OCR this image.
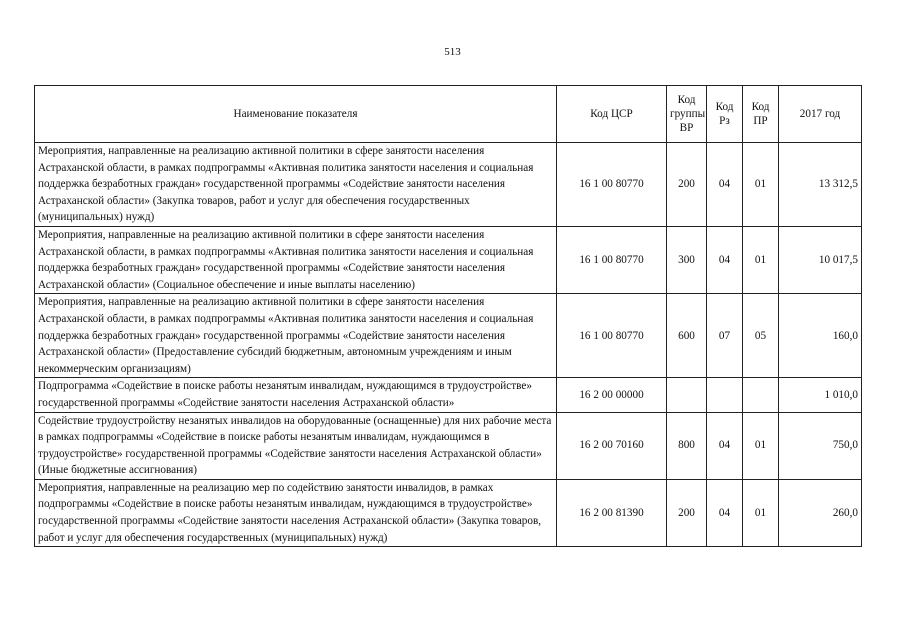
513
Наименование показателя	Код ЦСР	Код группы ВР	Код Рз	Код ПР	2017 год
Мероприятия, направленные на реализацию активной политики в сфере занятости населения Астраханской области, в рамках подпрограммы «Активная политика занятости населения и социальная поддержка безработных граждан» государственной программы «Содействие занятости населения Астраханской области» (Закупка товаров, работ и услуг для обеспечения государственных (муниципальных) нужд)	16 1 00 80770	200	04	01	13 312,5
Мероприятия, направленные на реализацию активной политики в сфере занятости населения Астраханской области, в рамках подпрограммы «Активная политика занятости населения и социальная поддержка безработных граждан» государственной программы «Содействие занятости населения Астраханской области» (Социальное обеспечение и иные выплаты населению)	16 1 00 80770	300	04	01	10 017,5
Мероприятия, направленные на реализацию активной политики в сфере занятости населения Астраханской области, в рамках подпрограммы «Активная политика занятости населения и социальная поддержка безработных граждан» государственной программы «Содействие занятости населения Астраханской области» (Предоставление субсидий бюджетным, автономным учреждениям и иным некоммерческим организациям)	16 1 00 80770	600	07	05	160,0
Подпрограмма «Содействие в поиске работы незанятым инвалидам, нуждающимся в трудоустройстве» государственной программы «Содействие занятости населения Астраханской области»	16 2 00 00000				1 010,0
Содействие трудоустройству незанятых инвалидов на оборудованные (оснащенные) для них рабочие места в рамках подпрограммы «Содействие в поиске работы незанятым инвалидам, нуждающимся в трудоустройстве» государственной программы «Содействие занятости населения Астраханской области» (Иные бюджетные ассигнования)	16 2 00 70160	800	04	01	750,0
Мероприятия, направленные на реализацию мер по содействию занятости инвалидов, в рамках подпрограммы «Содействие в поиске работы незанятым инвалидам, нуждающимся в трудоустройстве» государственной программы «Содействие занятости населения Астраханской области» (Закупка товаров, работ и услуг для обеспечения государственных (муниципальных) нужд)	16 2 00 81390	200	04	01	260,0
